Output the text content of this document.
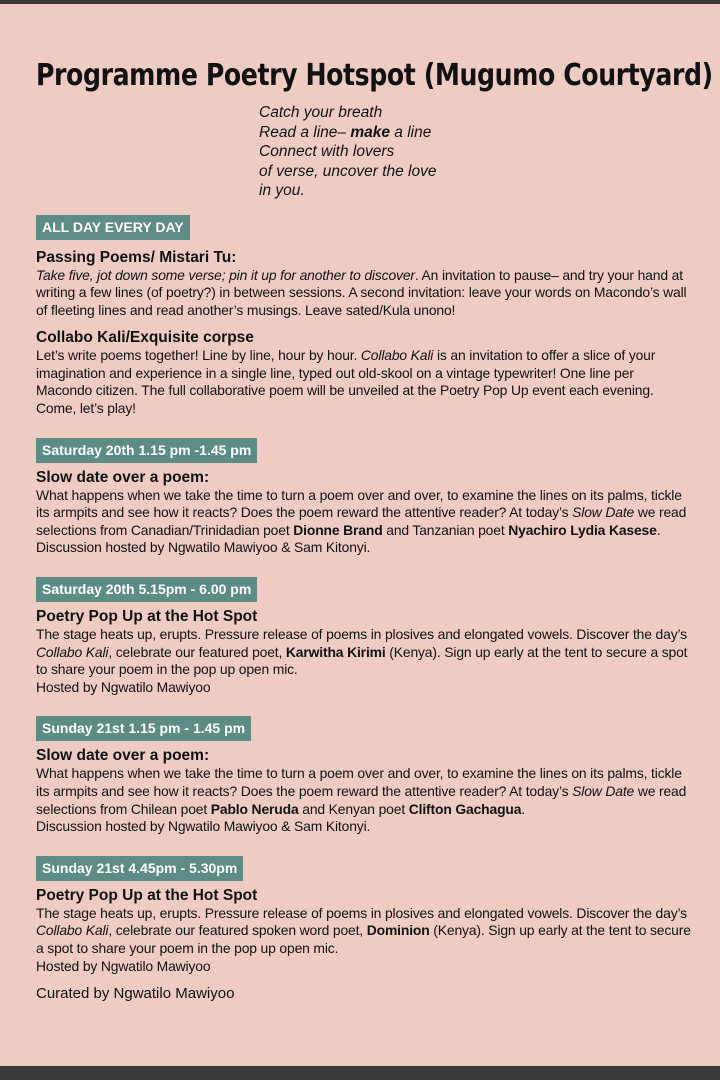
Programme Poetry Hotspot (Mugumo Courtyard)
Catch your breath
Read a line– make a line
Connect with lovers
of verse, uncover the love
in you.
ALL DAY EVERY DAY

Passing Poems/ Mistari Tu:

Take five, jot down some verse; pin it up for another to discover. An invitation to pause– and try your hand at writing a few lines (of poetry?) in between sessions. A second invitation: leave your words on Macondo’s wall of fleeting lines and read another’s musings. Leave sated/Kula unono!

Collabo Kali/Exquisite corpse

Let’s write poems together! Line by line, hour by hour. Collabo Kali is an invitation to offer a slice of your imagination and experience in a single line, typed out old-skool on a vintage typewriter! One line per Macondo citizen. The full collaborative poem will be unveiled at the Poetry Pop Up event each evening. Come, let’s play!

Saturday 20th 1.15 pm -1.45 pm

Slow date over a poem:

What happens when we take the time to turn a poem over and over, to examine the lines on its palms, tickle its armpits and see how it reacts? Does the poem reward the attentive reader? At today’s Slow Date we read selections from Canadian/Trinidadian poet Dionne Brand and Tanzanian poet Nyachiro Lydia Kasese. Discussion hosted by Ngwatilo Mawiyoo & Sam Kitonyi.

Saturday 20th 5.15pm - 6.00 pm

Poetry Pop Up at the Hot Spot

The stage heats up, erupts. Pressure release of poems in plosives and elongated vowels. Discover the day’s Collabo Kali, celebrate our featured poet, Karwitha Kirimi (Kenya). Sign up early at the tent to secure a spot to share your poem in the pop up open mic.

Hosted by Ngwatilo Mawiyoo

Sunday 21st 1.15 pm - 1.45 pm

Slow date over a poem:

What happens when we take the time to turn a poem over and over, to examine the lines on its palms, tickle its armpits and see how it reacts? Does the poem reward the attentive reader? At today’s Slow Date we read selections from Chilean poet Pablo Neruda and Kenyan poet Clifton Gachagua.

Discussion hosted by Ngwatilo Mawiyoo & Sam Kitonyi.

Sunday 21st 4.45pm - 5.30pm

Poetry Pop Up at the Hot Spot

The stage heats up, erupts. Pressure release of poems in plosives and elongated vowels. Discover the day’s Collabo Kali, celebrate our featured spoken word poet, Dominion (Kenya). Sign up early at the tent to secure a spot to share your poem in the pop up open mic.

Hosted by Ngwatilo Mawiyoo

Curated by Ngwatilo Mawiyoo
